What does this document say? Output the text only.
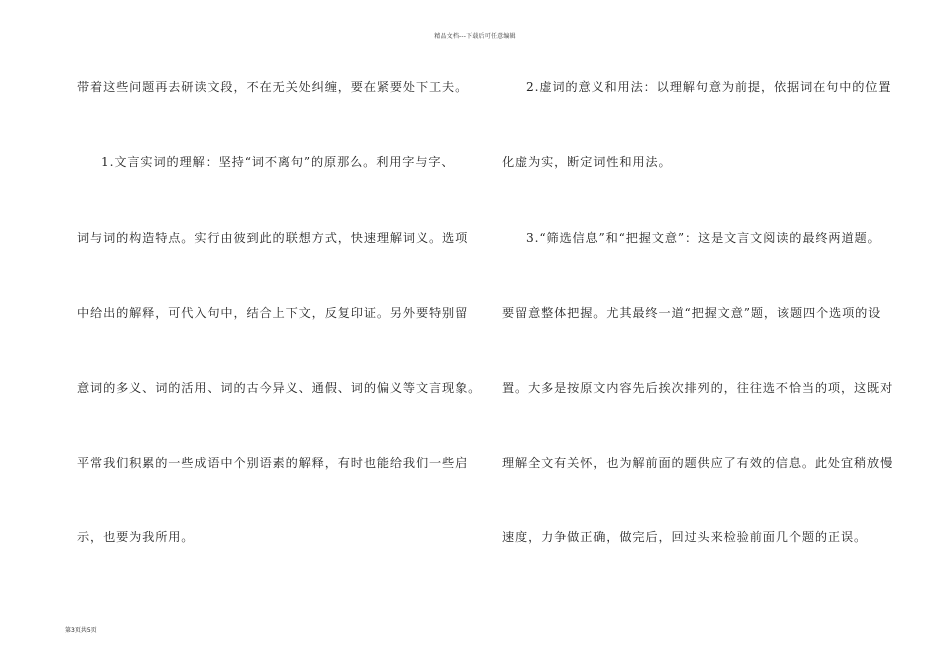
精品文档---下载后可任意编辑
带着这些问题再去研读文段，不在无关处纠缠，要在紧要处下工夫。
1.文言实词的理解：坚持“词不离句”的原那么。利用字与字、
词与词的构造特点。实行由彼到此的联想方式，快速理解词义。选项
中给出的解释，可代入句中，结合上下文，反复印证。另外要特别留
意词的多义、词的活用、词的古今异义、通假、词的偏义等文言现象。
平常我们积累的一些成语中个别语素的解释，有时也能给我们一些启
示，也要为我所用。
2.虚词的意义和用法：以理解句意为前提，依据词在句中的位置
化虚为实，断定词性和用法。
3.“筛选信息”和“把握文意”：这是文言文阅读的最终两道题。
要留意整体把握。尤其最终一道“把握文意”题，该题四个选项的设
置。大多是按原文内容先后挨次排列的，往往选不恰当的项，这既对
理解全文有关怀，也为解前面的题供应了有效的信息。此处宜稍放慢
速度，力争做正确，做完后，回过头来检验前面几个题的正误。
第3页共5页
